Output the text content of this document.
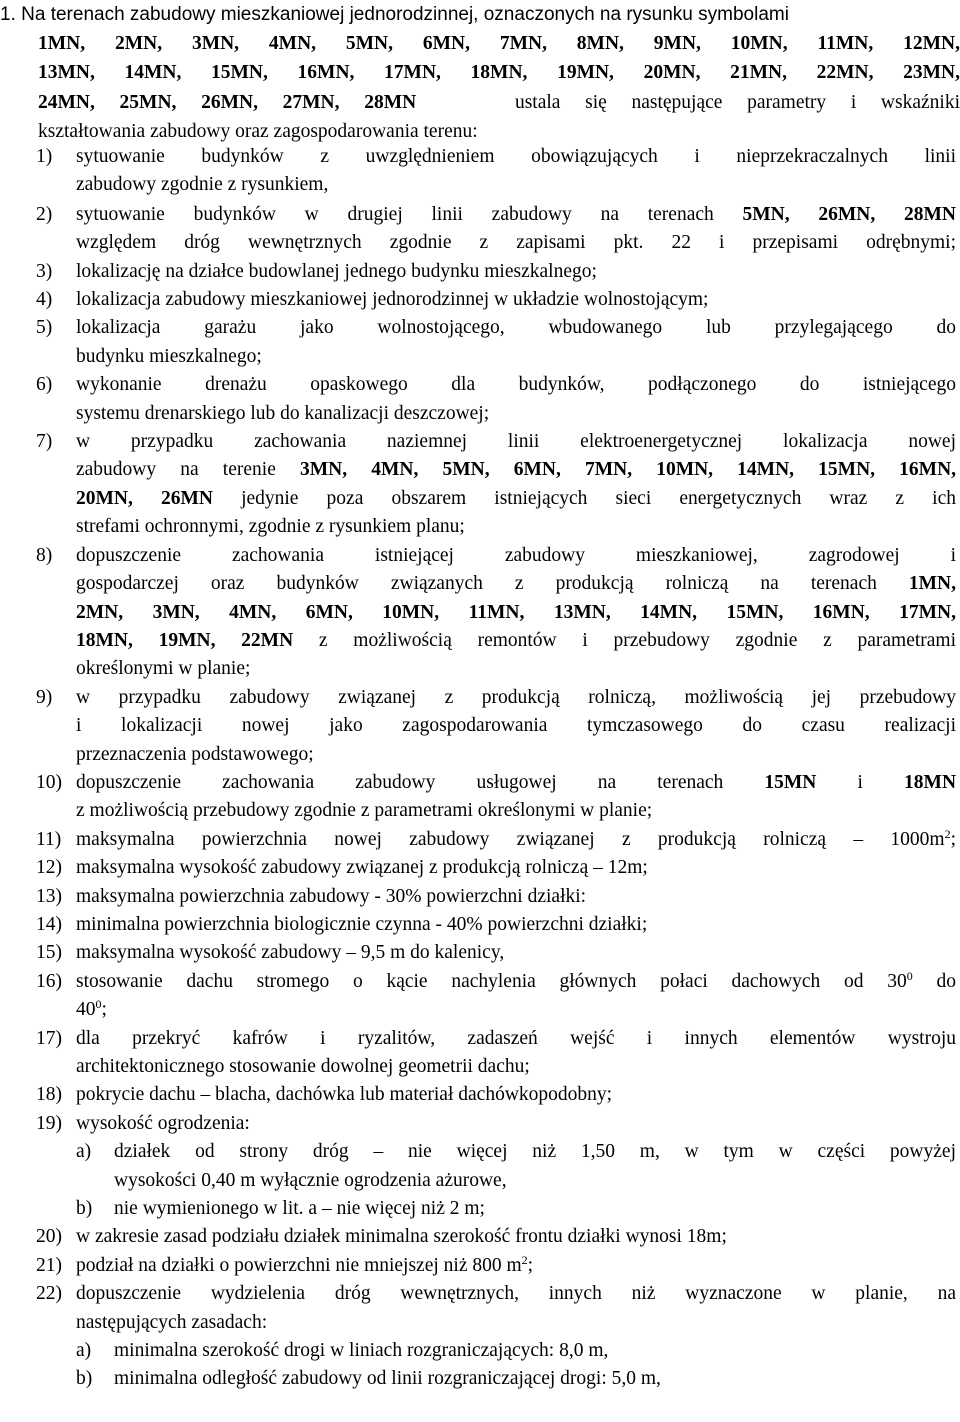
1. Na terenach zabudowy mieszkaniowej jednorodzinnej, oznaczonych na rysunku symbolami
1MN, 2MN, 3MN, 4MN, 5MN, 6MN, 7MN, 8MN, 9MN, 10MN, 11MN, 12MN,
13MN, 14MN, 15MN, 16MN, 17MN, 18MN, 19MN, 20MN, 21MN, 22MN, 23MN,
24MN, 25MN, 26MN, 27MN, 28MN	ustala się następujące parametry i wskaźniki
kształtowania zabudowy oraz zagospodarowania terenu:
1)	sytuowanie budynków z uwzględnieniem obowiązujących i nieprzekraczalnych linii
zabudowy zgodnie z rysunkiem,
2)	sytuowanie budynków w drugiej linii zabudowy na terenach 5MN, 26MN, 28MN
względem dróg wewnętrznych zgodnie z zapisami pkt. 22 i przepisami odrębnymi;
3)	lokalizację na działce budowlanej jednego budynku mieszkalnego;
4)	lokalizacja zabudowy mieszkaniowej jednorodzinnej w układzie wolnostojącym;
5)	lokalizacja garażu jako wolnostojącego, wbudowanego lub przylegającego do
budynku mieszkalnego;
6)	wykonanie drenażu opaskowego dla budynków, podłączonego do istniejącego
systemu drenarskiego lub do kanalizacji deszczowej;
7)	w przypadku zachowania naziemnej linii elektroenergetycznej lokalizacja nowej
zabudowy na terenie 3MN, 4MN, 5MN, 6MN, 7MN, 10MN, 14MN, 15MN, 16MN,
20MN, 26MN jedynie poza obszarem istniejących sieci energetycznych wraz z ich
strefami ochronnymi, zgodnie z rysunkiem planu;
8)	dopuszczenie zachowania istniejącej zabudowy mieszkaniowej, zagrodowej i
gospodarczej oraz budynków związanych z produkcją rolniczą na terenach 1MN,
2MN, 3MN, 4MN, 6MN, 10MN, 11MN, 13MN, 14MN, 15MN, 16MN, 17MN,
18MN, 19MN, 22MN z możliwością remontów i przebudowy zgodnie z parametrami
określonymi w planie;
9)	w przypadku zabudowy związanej z produkcją rolniczą, możliwością jej przebudowy
i lokalizacji nowej jako zagospodarowania tymczasowego do czasu realizacji
przeznaczenia podstawowego;
10) dopuszczenie zachowania zabudowy usługowej na terenach 15MN i 18MN
z możliwością przebudowy zgodnie z parametrami określonymi w planie;
11) maksymalna powierzchnia nowej zabudowy związanej z produkcją rolniczą – $1000m^2$;
12) maksymalna wysokość zabudowy związanej z produkcją rolniczą – 12m;
13) maksymalna powierzchnia zabudowy - 30% powierzchni działki:
14) minimalna powierzchnia biologicznie czynna - 40% powierzchni działki;
15) maksymalna wysokość zabudowy – 9,5 m do kalenicy,
16) stosowanie dachu stromego o kącie nachylenia głównych połaci dachowych od $30^0$ do
$40^0$;
17) dla przekryć kafrów i ryzalitów, zadaszeń wejść i innych elementów wystroju
architektonicznego stosowanie dowolnej geometrii dachu;
18) pokrycie dachu – blacha, dachówka lub materiał dachówkopodobny;
19) wysokość ogrodzenia:
a)	działek od strony dróg – nie więcej niż 1,50 m, w tym w części powyżej
wysokości 0,40 m wyłącznie ogrodzenia ażurowe,
b)	nie wymienionego w lit. a – nie więcej niż 2 m;
20) w zakresie zasad podziału działek minimalna szerokość frontu działki wynosi 18m;
21) podział na działki o powierzchni nie mniejszej niż 800 $m^2$;
22) dopuszczenie wydzielenia dróg wewnętrznych, innych niż wyznaczone w planie, na
następujących zasadach:
a)	minimalna szerokość drogi w liniach rozgraniczających: 8,0 m,
b)	minimalna odległość zabudowy od linii rozgraniczającej drogi: 5,0 m,
